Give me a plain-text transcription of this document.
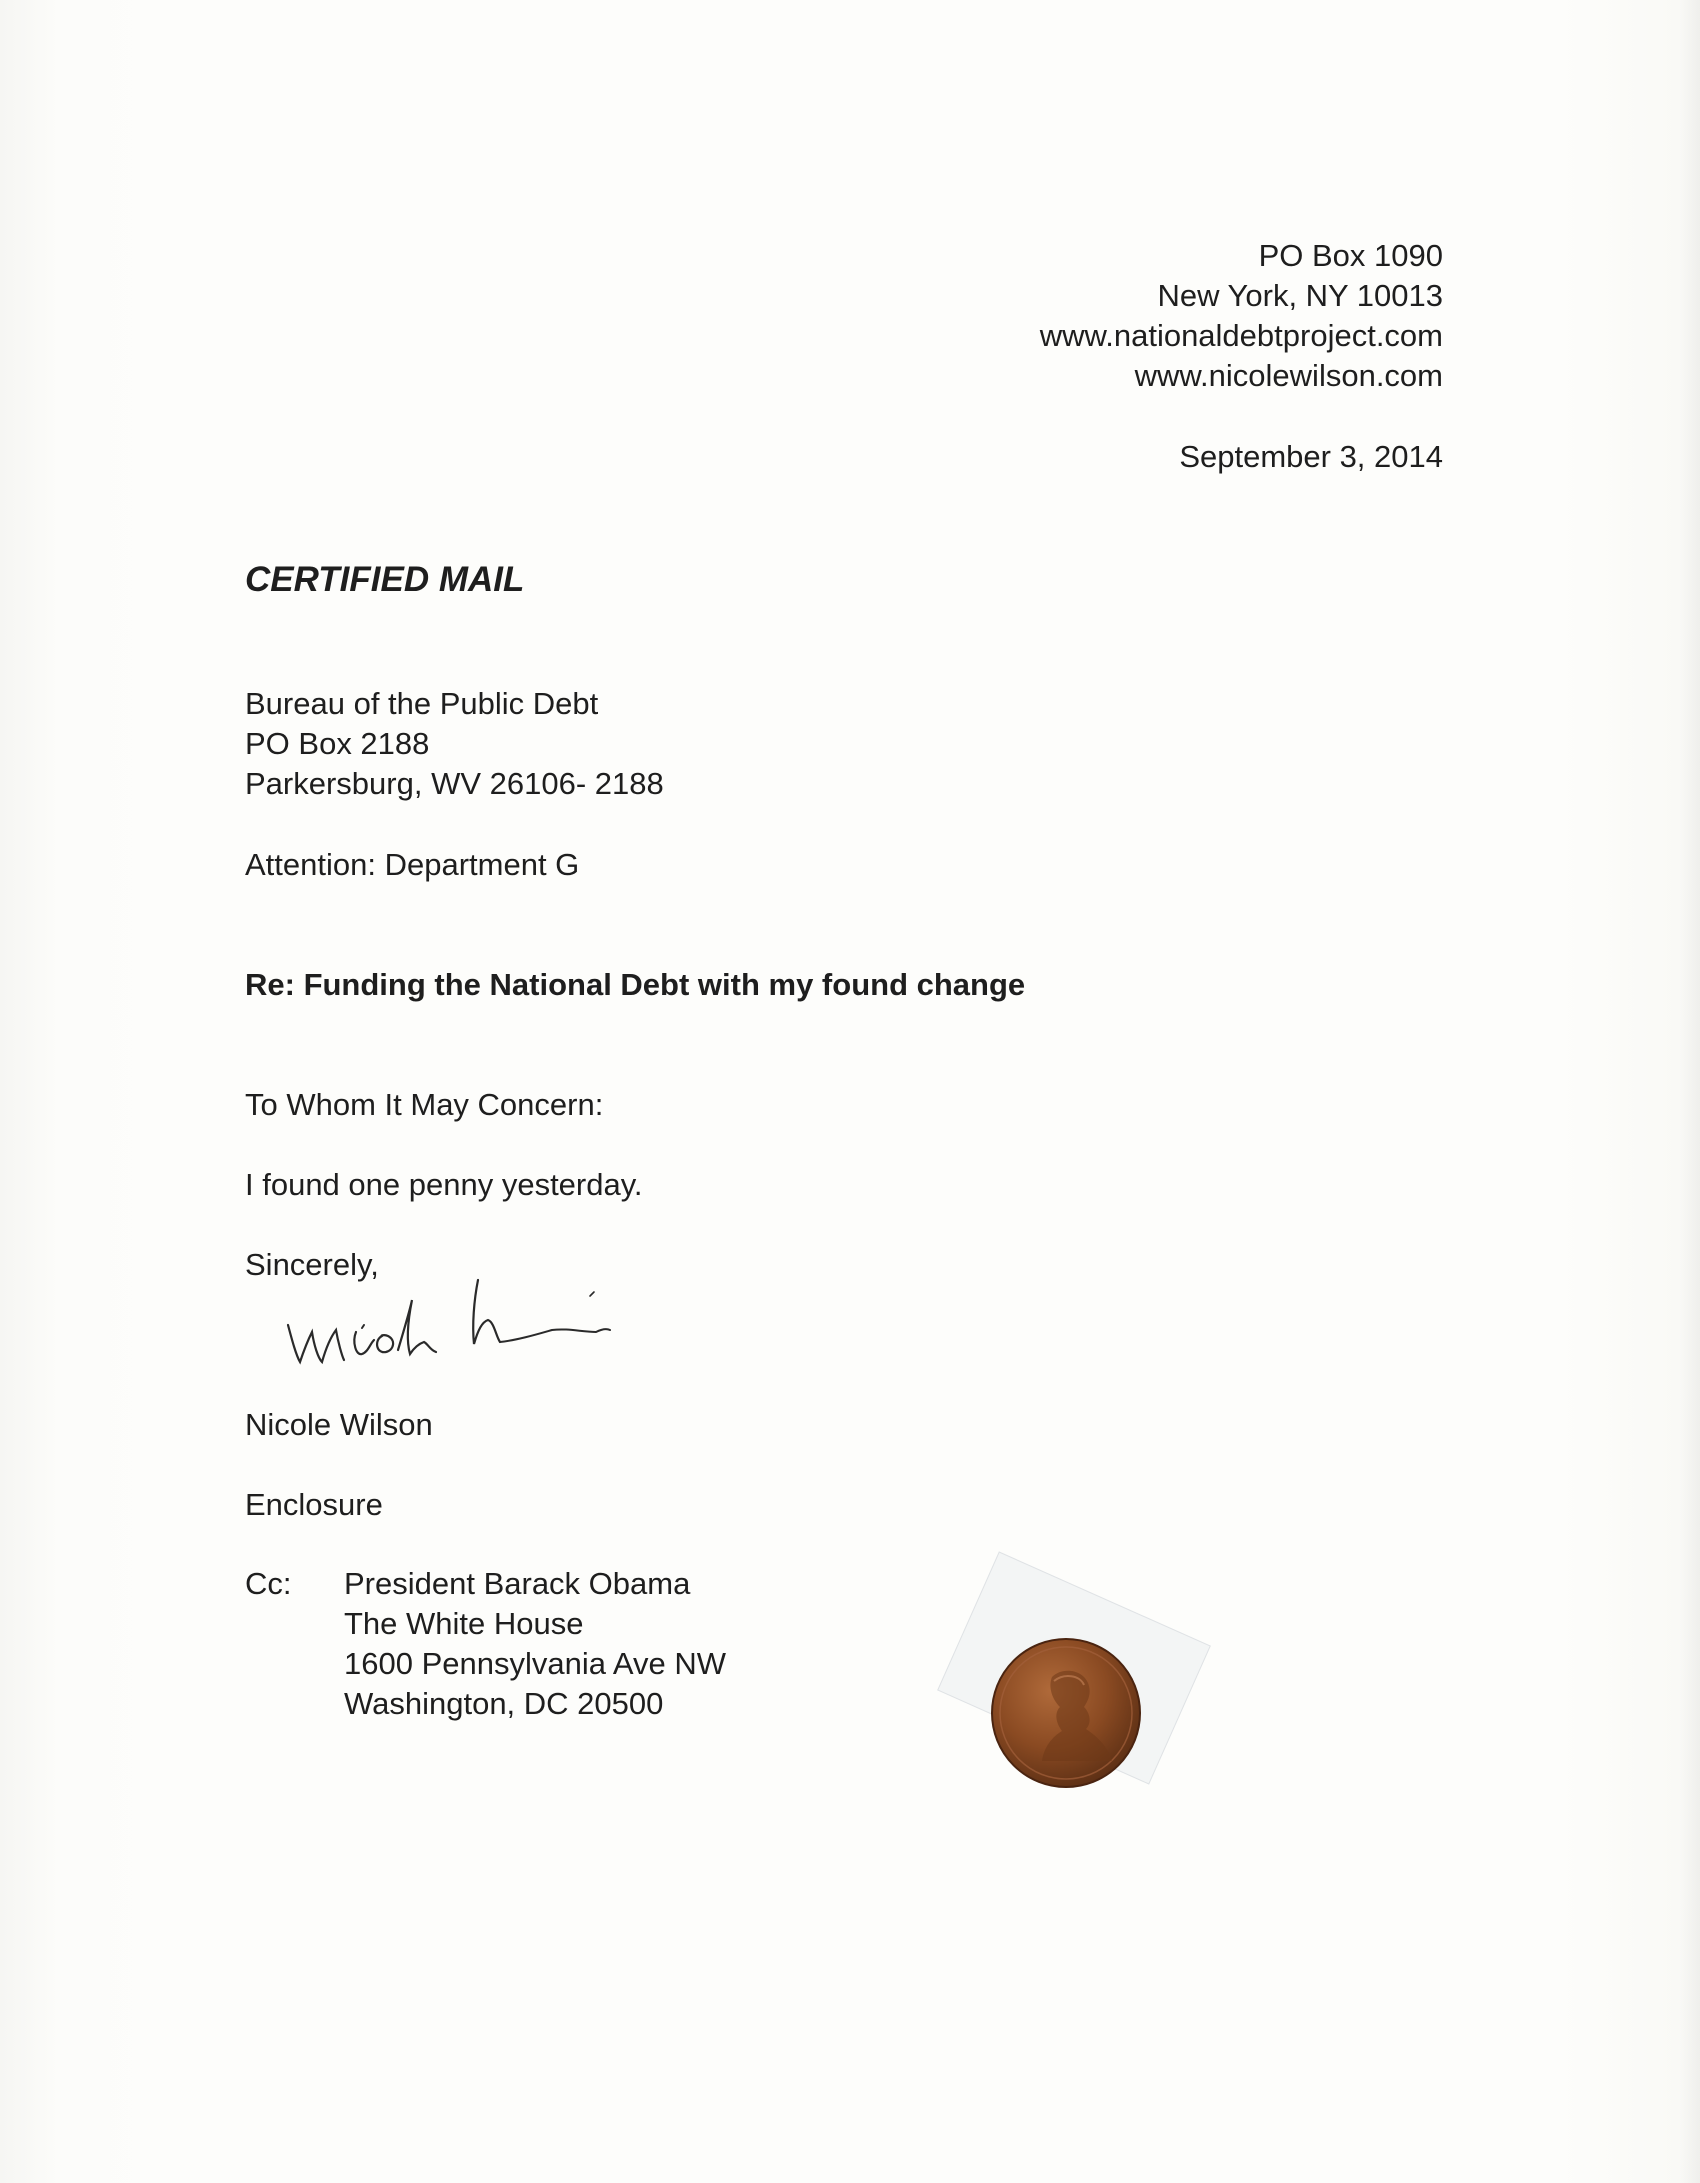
PO Box 1090
New York, NY 10013
www.nationaldebtproject.com
www.nicolewilson.com
September 3, 2014
CERTIFIED MAIL
Bureau of the Public Debt
PO Box 2188
Parkersburg, WV 26106- 2188
Attention: Department G
Re: Funding the National Debt with my found change
To Whom It May Concern:
I found one penny yesterday.
Sincerely,
Nicole Wilson
Enclosure
Cc: President Barack Obama
The White House
1600 Pennsylvania Ave NW
Washington, DC 20500
